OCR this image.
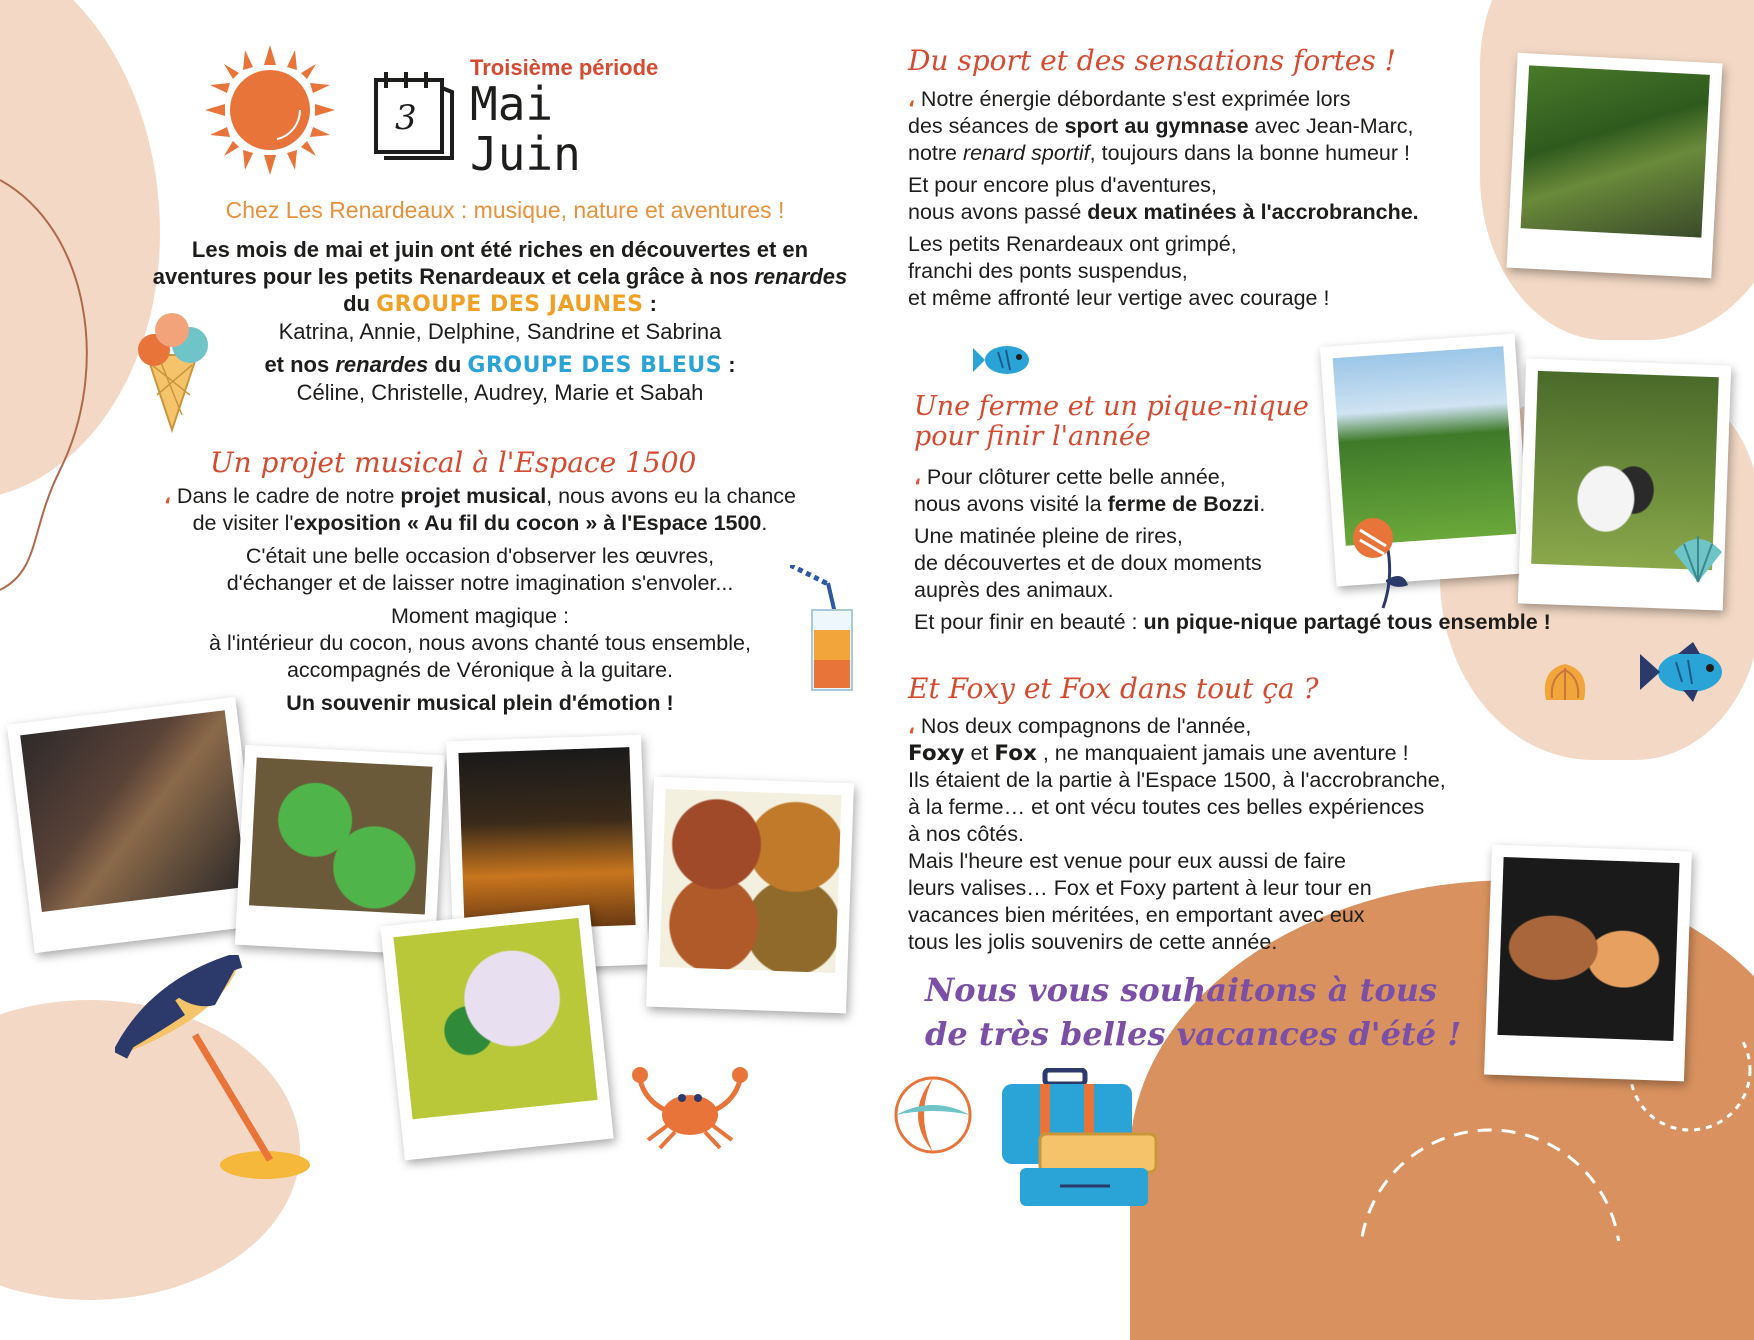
3
Troisième période
Mai
Juin
Chez Les Renardeaux : musique, nature et aventures !
Les mois de mai et juin ont été riches en découvertes et en
aventures pour les petits Renardeaux et cela grâce à nos renardes
du GROUPE DES JAUNES :
Katrina, Annie, Delphine, Sandrine et Sabrina
et nos renardes du GROUPE DES BLEUS :
Céline, Christelle, Audrey, Marie et Sabah
Un projet musical à l'Espace 1500
، Dans le cadre de notre projet musical, nous avons eu la chance
de visiter l'exposition « Au fil du cocon » à l'Espace 1500.
C'était une belle occasion d'observer les œuvres,
d'échanger et de laisser notre imagination s'envoler...
Moment magique :
à l'intérieur du cocon, nous avons chanté tous ensemble,
accompagnés de Véronique à la guitare.
Un souvenir musical plein d'émotion !
Du sport et des sensations fortes !
، Notre énergie débordante s'est exprimée lors
des séances de sport au gymnase avec Jean-Marc,
notre renard sportif, toujours dans la bonne humeur !
Et pour encore plus d'aventures,
nous avons passé deux matinées à l'accrobranche.
Les petits Renardeaux ont grimpé,
franchi des ponts suspendus,
et même affronté leur vertige avec courage !
Une ferme et un pique-nique
pour finir l'année
، Pour clôturer cette belle année,
nous avons visité la ferme de Bozzi.
Une matinée pleine de rires,
de découvertes et de doux moments
auprès des animaux.
Et pour finir en beauté : un pique-nique partagé tous ensemble !
Et Foxy et Fox dans tout ça ?
، Nos deux compagnons de l'année,
Foxy et Fox , ne manquaient jamais une aventure !
Ils étaient de la partie à l'Espace 1500, à l'accrobranche,
à la ferme… et ont vécu toutes ces belles expériences
à nos côtés.
Mais l'heure est venue pour eux aussi de faire
leurs valises… Fox et Foxy partent à leur tour en
vacances bien méritées, en emportant avec eux
tous les jolis souvenirs de cette année.
Nous vous souhaitons à tous
de très belles vacances d'été !
